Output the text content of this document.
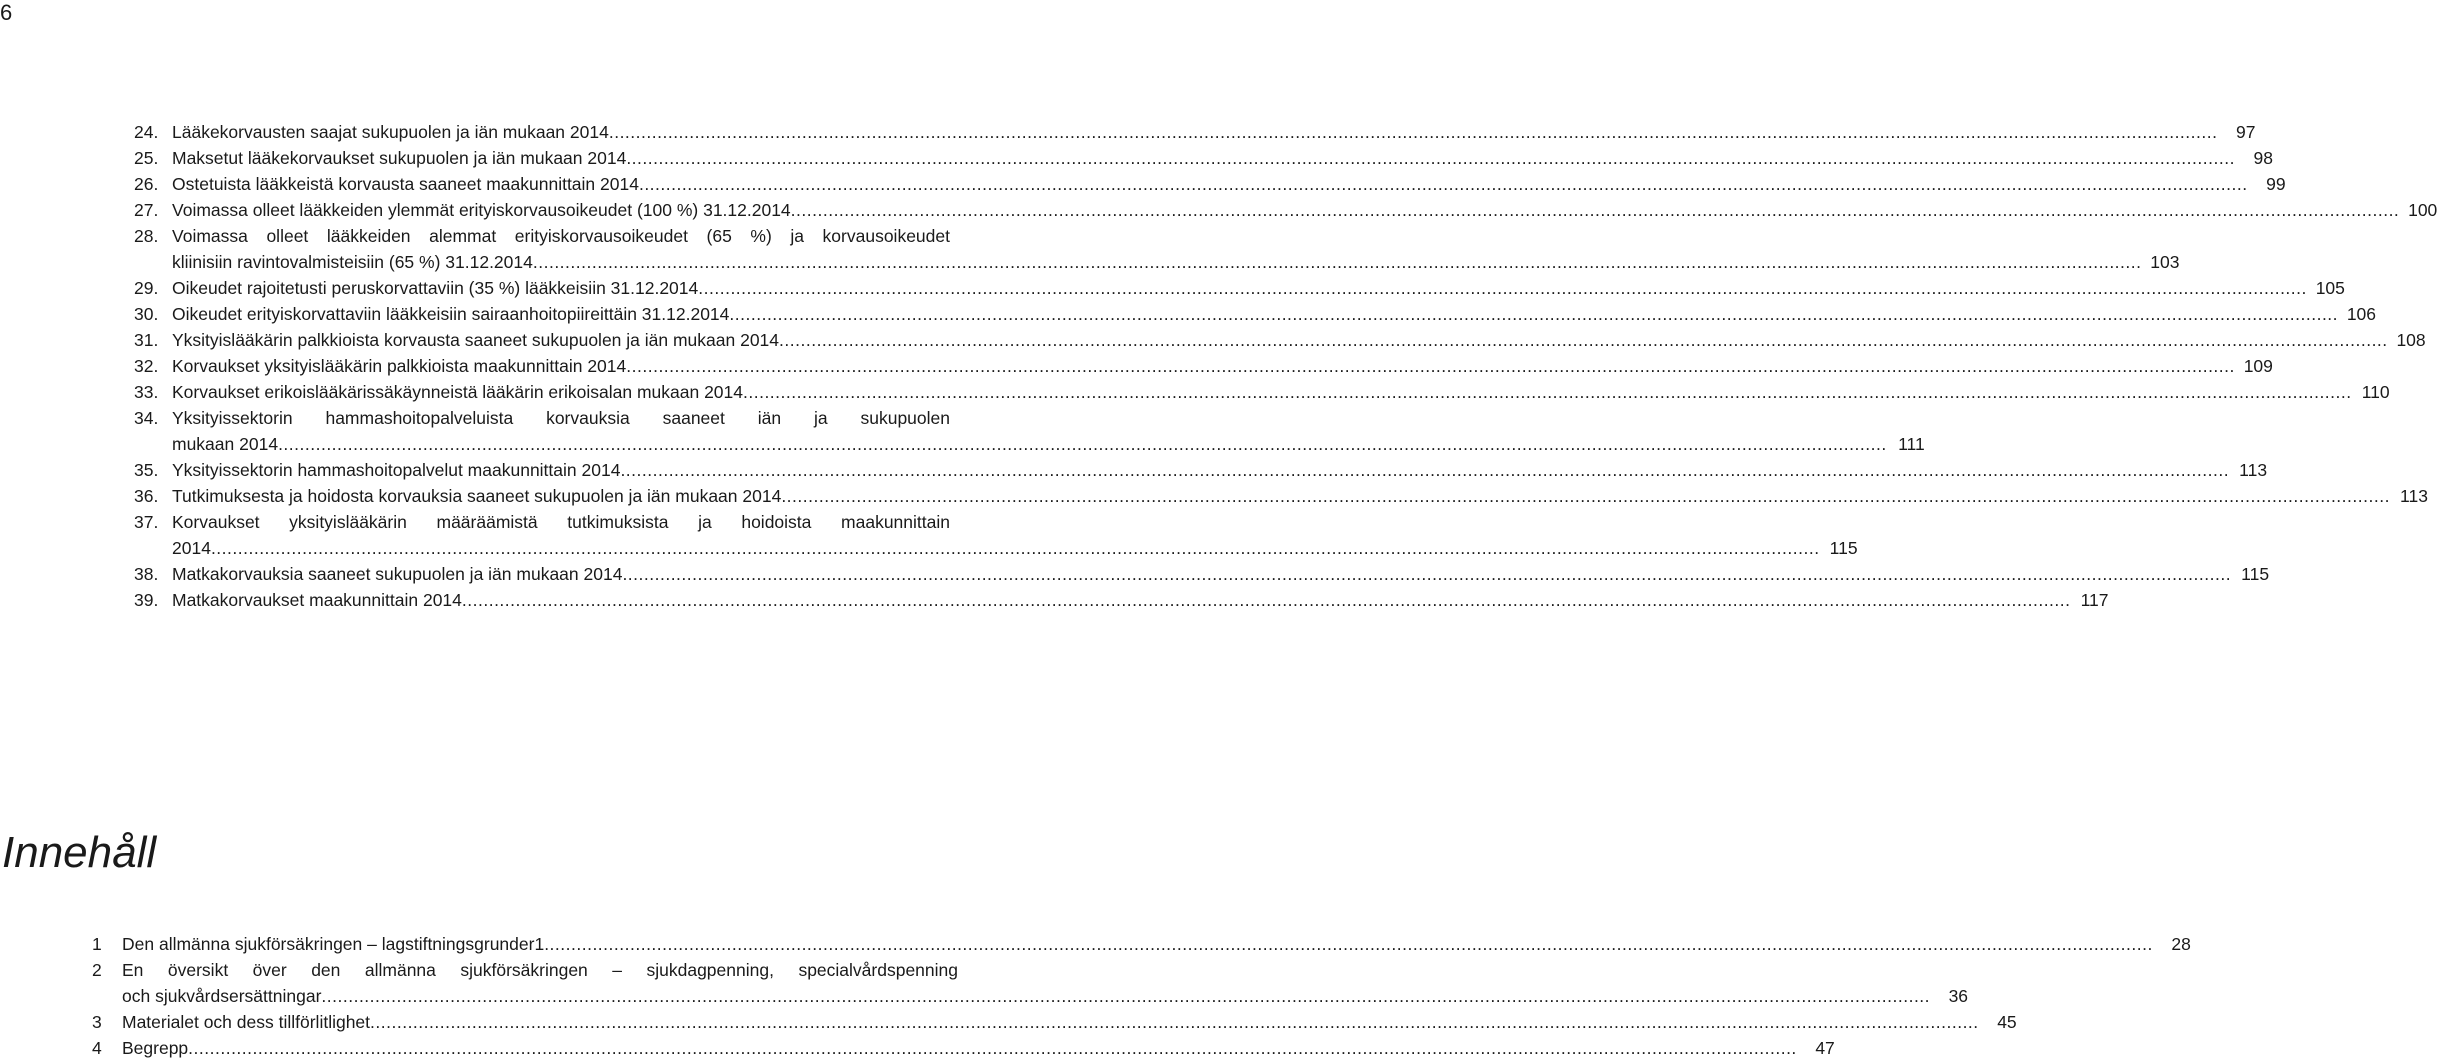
6
24. Lääkekorvausten saajat sukupuolen ja iän mukaan 2014 ............................................................................................................................................................................................................................................................................................................	97
25. Maksetut lääkekorvaukset sukupuolen ja iän mukaan 2014 ............................................................................................................................................................................................................................................................................................................	98
26. Ostetuista lääkkeistä korvausta saaneet maakunnittain 2014 ............................................................................................................................................................................................................................................................................................................	99
27. Voimassa olleet lääkkeiden ylemmät erityiskorvausoikeudet (100 %) 31.12.2014 ............................................................................................................................................................................................................................................................................................................ 100
28. Voimassa olleet lääkkeiden alemmat erityiskorvausoikeudet (65 %) ja korvausoikeudet
kliinisiin ravintovalmisteisiin (65 %) 31.12.2014 ............................................................................................................................................................................................................................................................................................................ 103
29. Oikeudet rajoitetusti peruskorvattaviin (35 %) lääkkeisiin 31.12.2014 ............................................................................................................................................................................................................................................................................................................ 105
30. Oikeudet erityiskorvattaviin lääkkeisiin sairaanhoitopiireittäin 31.12.2014 ............................................................................................................................................................................................................................................................................................................ 106
31. Yksityislääkärin palkkioista korvausta saaneet sukupuolen ja iän mukaan 2014 ............................................................................................................................................................................................................................................................................................................ 108
32. Korvaukset yksityislääkärin palkkioista maakunnittain 2014 ............................................................................................................................................................................................................................................................................................................ 109
33. Korvaukset erikoislääkärissäkäynneistä lääkärin erikoisalan mukaan 2014 ............................................................................................................................................................................................................................................................................................................ 110
34. Yksityissektorin hammashoitopalveluista korvauksia saaneet iän ja sukupuolen
mukaan 2014 ............................................................................................................................................................................................................................................................................................................ 111
35. Yksityissektorin hammashoitopalvelut maakunnittain 2014 ............................................................................................................................................................................................................................................................................................................ 113
36. Tutkimuksesta ja hoidosta korvauksia saaneet sukupuolen ja iän mukaan 2014 ............................................................................................................................................................................................................................................................................................................ 113
37. Korvaukset yksityislääkärin määräämistä tutkimuksista ja hoidoista maakunnittain
2014 ............................................................................................................................................................................................................................................................................................................ 115
38. Matkakorvauksia saaneet sukupuolen ja iän mukaan 2014 ............................................................................................................................................................................................................................................................................................................ 115
39. Matkakorvaukset maakunnittain 2014 ............................................................................................................................................................................................................................................................................................................ 117
Innehåll
1	Den allmänna sjukförsäkringen – lagstiftningsgrunder1 ............................................................................................................................................................................................................................................................................................................	28
2	En översikt över den allmänna sjukförsäkringen – sjukdagpenning, specialvårdspenning
och sjukvårdsersättningar ............................................................................................................................................................................................................................................................................................................	36
3	Materialet och dess tillförlitlighet ............................................................................................................................................................................................................................................................................................................	45
4	Begrepp ............................................................................................................................................................................................................................................................................................................	47
